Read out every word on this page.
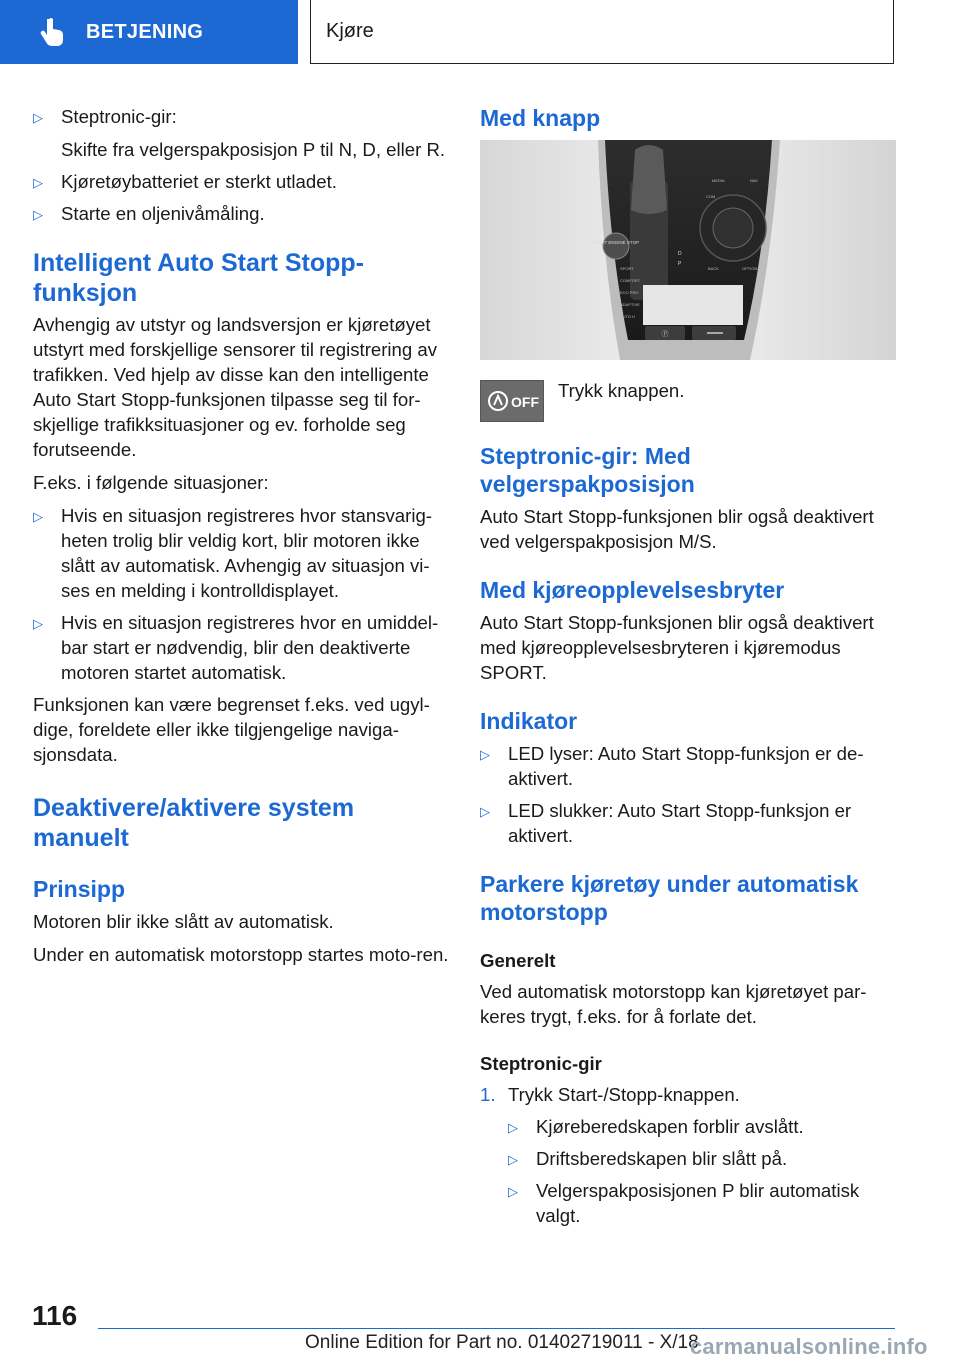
BETJENING	Kjøre
▷ Steptronic-gir:
Skifte fra velgerspakposisjon P til N, D, eller R.
▷ Kjøretøybatteriet er sterkt utladet.
▷ Starte en oljenivåmåling.
Intelligent Auto Start Stopp-funksjon

Avhengig av utstyr og landsversjon er kjøretøyet utstyrt med forskjellige sensorer til registrering av trafikken. Ved hjelp av disse kan den intelligente Auto Start Stopp-funksjonen tilpasse seg til for-skjellige trafikksituasjoner og ev. forholde seg forutseende.

F.eks. i følgende situasjoner:

▷ Hvis en situasjon registreres hvor stansvarig-heten trolig blir veldig kort, blir motoren ikke slått av automatisk. Avhengig av situasjon vi-ses en melding i kontrolldisplayet.
▷ Hvis en situasjon registreres hvor en umiddel-bar start er nødvendig, blir den deaktiverte motoren startet automatisk.

Funksjonen kan være begrenset f.eks. ved ugyl-dige, foreldete eller ikke tilgjengelige naviga-sjonsdata.

Deaktivere/aktivere system manuelt
Prinsipp

Motoren blir ikke slått av automatisk.

Under en automatisk motorstopp startes moto-ren.

Med knapp
START ENGINE STOP
SPORT
COMFORT
ECO PRO
ADAPTIVE
AUTO H
MEDIA
COM
NAV
BACK	OPTION
P
D
Ⓟ
OFF

Trykk knappen.

Steptronic-gir: Med velgerspakposisjon

Auto Start Stopp-funksjonen blir også deaktivert ved velgerspakposisjon M/S.

Med kjøreopplevelsesbryter

Auto Start Stopp-funksjonen blir også deaktivert med kjøreopplevelsesbryteren i kjøremodus SPORT.

Indikator
▷ LED lyser: Auto Start Stopp-funksjon er de-aktivert.
▷ LED slukker: Auto Start Stopp-funksjon er aktivert.
Parkere kjøretøy under automatisk motorstopp
Generelt

Ved automatisk motorstopp kan kjøretøyet par-keres trygt, f.eks. for å forlate det.

Steptronic-gir
1. Trykk Start-/Stopp-knappen.
▷ Kjøreberedskapen forblir avslått.
▷ Driftsberedskapen blir slått på.
▷ Velgerspakposisjonen P blir automatisk valgt.
116
Online Edition for Part no. 01402719011 - X/18
carmanualsonline.info
